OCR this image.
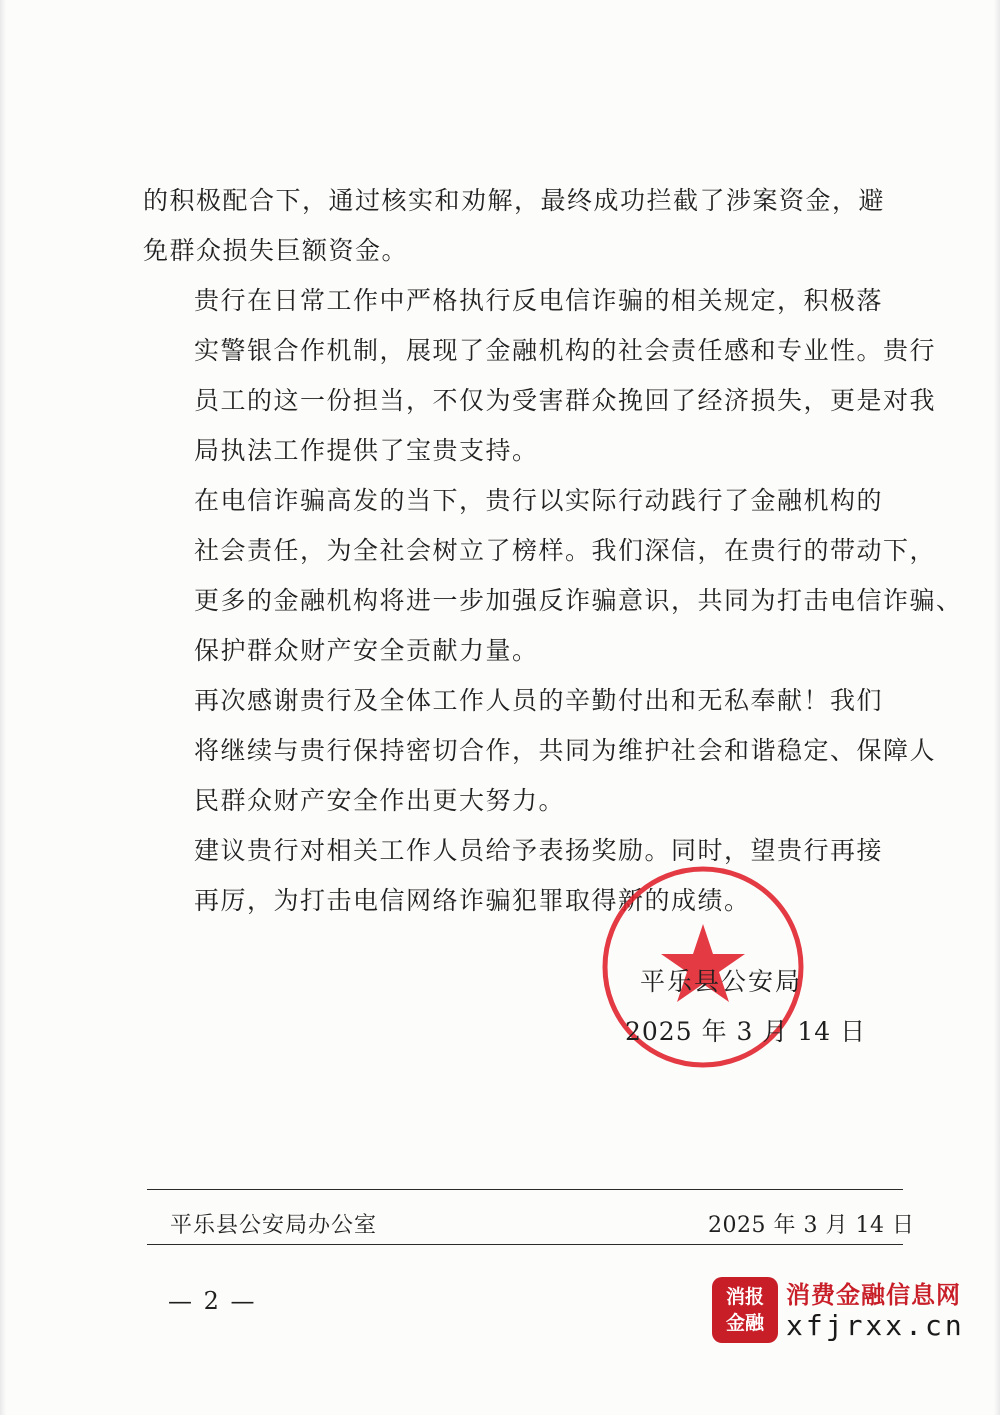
的积极配合下，通过核实和劝解，最终成功拦截了涉案资金，避
免群众损失巨额资金。

贵行在日常工作中严格执行反电信诈骗的相关规定，积极落
实警银合作机制，展现了金融机构的社会责任感和专业性。贵行
员工的这一份担当，不仅为受害群众挽回了经济损失，更是对我
局执法工作提供了宝贵支持。

在电信诈骗高发的当下，贵行以实际行动践行了金融机构的
社会责任，为全社会树立了榜样。我们深信，在贵行的带动下，
更多的金融机构将进一步加强反诈骗意识，共同为打击电信诈骗、
保护群众财产安全贡献力量。

再次感谢贵行及全体工作人员的辛勤付出和无私奉献！我们
将继续与贵行保持密切合作，共同为维护社会和谐稳定、保障人
民群众财产安全作出更大努力。

建议贵行对相关工作人员给予表扬奖励。同时，望贵行再接
再厉，为打击电信网络诈骗犯罪取得新的成绩。

平乐县公安局
2025 年 3 月 14 日
平乐县公安局办公室	2025 年 3 月 14 日
— 2 —	消报
金融
消费金融信息网
xfjrxx.cn
